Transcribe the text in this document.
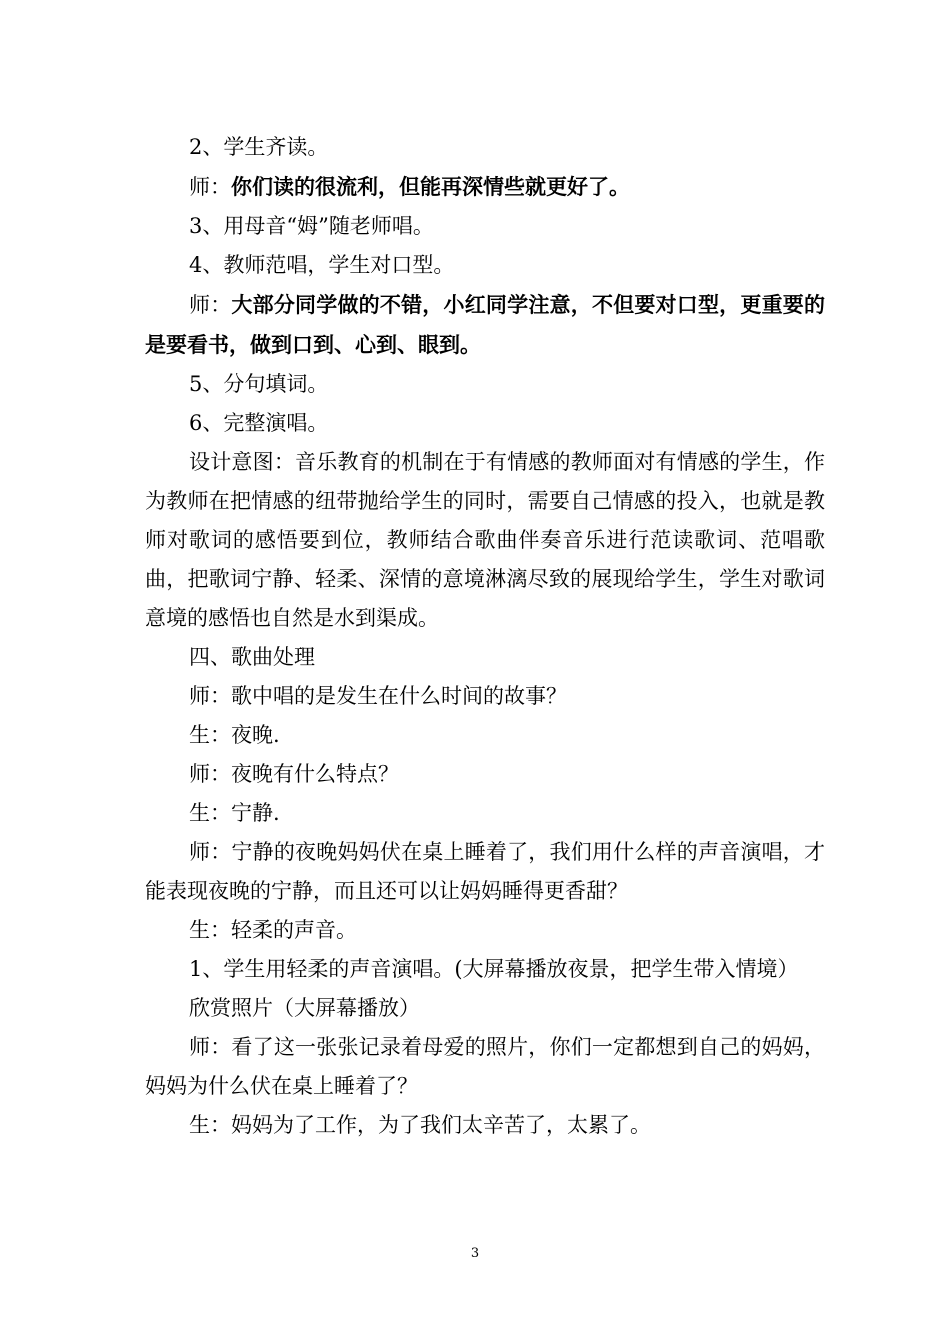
2、学生齐读。

师：你们读的很流利，但能再深情些就更好了。

3、用母音“姆”随老师唱。

4、教师范唱，学生对口型。

师：大部分同学做的不错，小红同学注意，不但要对口型，更重要的是要看书，做到口到、心到、眼到。

5、分句填词。

6、完整演唱。

设计意图：音乐教育的机制在于有情感的教师面对有情感的学生，作为教师在把情感的纽带抛给学生的同时，需要自己情感的投入，也就是教师对歌词的感悟要到位，教师结合歌曲伴奏音乐进行范读歌词、范唱歌曲，把歌词宁静、轻柔、深情的意境淋漓尽致的展现给学生，学生对歌词意境的感悟也自然是水到渠成。

四、歌曲处理

师：歌中唱的是发生在什么时间的故事？

生：夜晚.

师：夜晚有什么特点？

生：宁静.

师：宁静的夜晚妈妈伏在桌上睡着了，我们用什么样的声音演唱，才能表现夜晚的宁静，而且还可以让妈妈睡得更香甜？

生：轻柔的声音。

1、学生用轻柔的声音演唱。(大屏幕播放夜景，把学生带入情境）

欣赏照片（大屏幕播放）

师：看了这一张张记录着母爱的照片，你们一定都想到自己的妈妈，妈妈为什么伏在桌上睡着了？

生：妈妈为了工作，为了我们太辛苦了，太累了。

3
